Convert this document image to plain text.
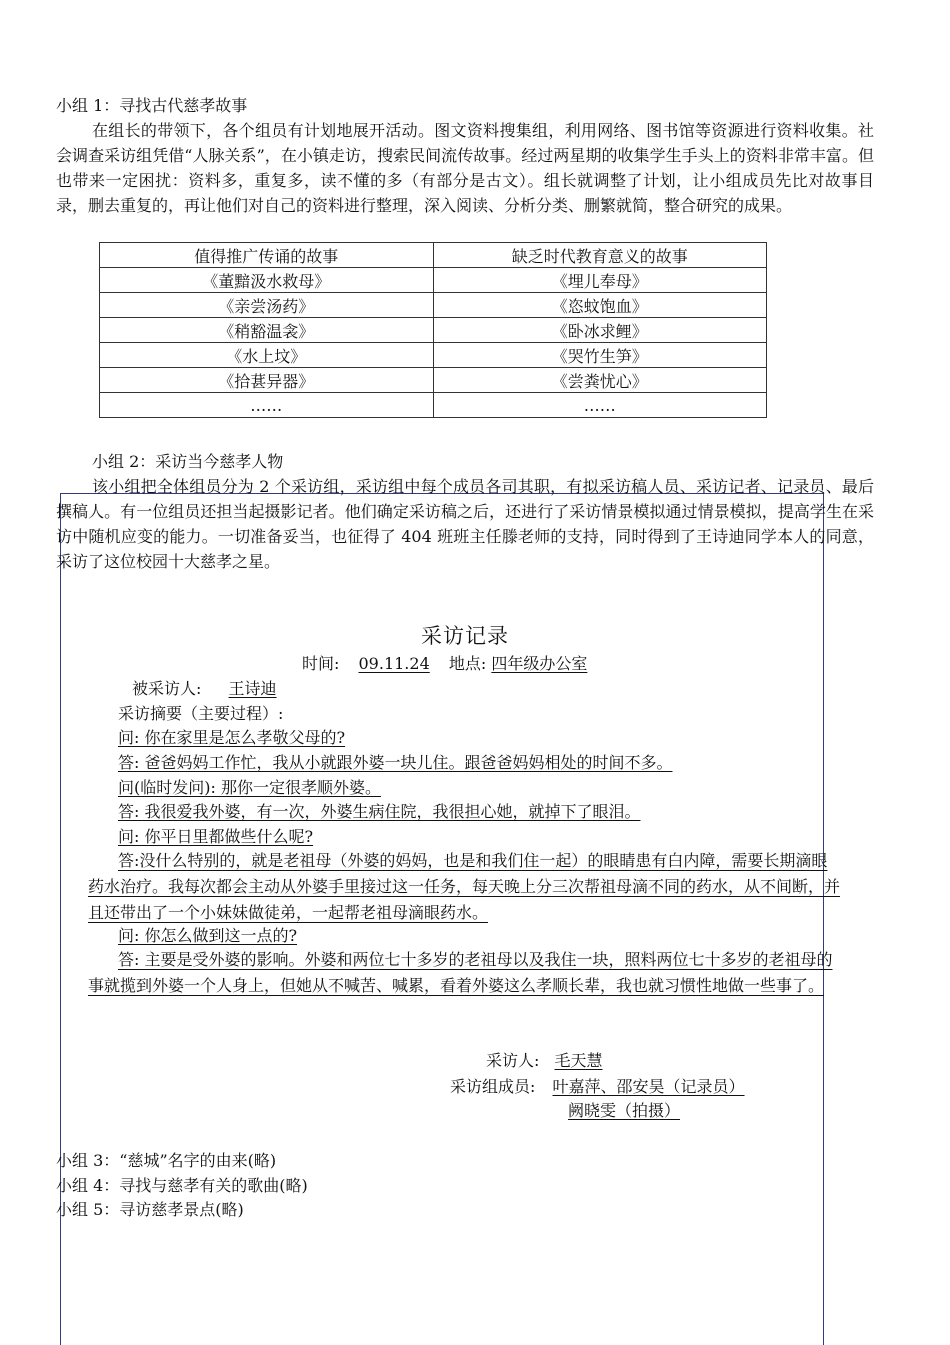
小组 1：寻找古代慈孝故事
在组长的带领下，各个组员有计划地展开活动。图文资料搜集组，利用网络、图书馆等资源进行资料收集。社会调查采访组凭借“人脉关系”，在小镇走访，搜索民间流传故事。经过两星期的收集学生手头上的资料非常丰富。但也带来一定困扰：资料多，重复多，读不懂的多（有部分是古文）。组长就调整了计划，让小组成员先比对故事目录，删去重复的，再让他们对自己的资料进行整理，深入阅读、分析分类、删繁就简，整合研究的成果。
值得推广传诵的故事	缺乏时代教育意义的故事
《董黯汲水救母》	《埋儿奉母》
《亲尝汤药》	《恣蚊饱血》
《稍豁温衾》	《卧冰求鲤》
《水上坟》	《哭竹生笋》
《拾葚异器》	《尝粪忧心》
……	……
小组 2：采访当今慈孝人物
该小组把全体组员分为 2 个采访组，采访组中每个成员各司其职，有拟采访稿人员、采访记者、记录员、最后撰稿人。有一位组员还担当起摄影记者。他们确定采访稿之后，还进行了采访情景模拟通过情景模拟，提高学生在采访中随机应变的能力。一切准备妥当，也征得了 404 班班主任滕老师的支持，同时得到了王诗迪同学本人的同意，采访了这位校园十大慈孝之星。
采访记录
时间: 09.11.24 地点: 四年级办公室
被采访人: 王诗迪
采访摘要（主要过程）:
问: 你在家里是怎么孝敬父母的?
答: 爸爸妈妈工作忙，我从小就跟外婆一块儿住。跟爸爸妈妈相处的时间不多。
问(临时发问): 那你一定很孝顺外婆。
答: 我很爱我外婆，有一次，外婆生病住院，我很担心她，就掉下了眼泪。
问: 你平日里都做些什么呢?
答:没什么特别的，就是老祖母（外婆的妈妈，也是和我们住一起）的眼睛患有白内障，需要长期滴眼药水治疗。我每次都会主动从外婆手里接过这一任务，每天晚上分三次帮祖母滴不同的药水，从不间断，并且还带出了一个小妹妹做徒弟，一起帮老祖母滴眼药水。
问: 你怎么做到这一点的?
答: 主要是受外婆的影响。外婆和两位七十多岁的老祖母以及我住一块，照料两位七十多岁的老祖母的事就揽到外婆一个人身上，但她从不喊苦、喊累，看着外婆这么孝顺长辈，我也就习惯性地做一些事了。
采访人: 毛天慧
采访组成员: 叶嘉萍、邵安昊（记录员）
阙晓雯（拍摄）
小组 3：“慈城”名字的由来(略)
小组 4：寻找与慈孝有关的歌曲(略)
小组 5：寻访慈孝景点(略)
